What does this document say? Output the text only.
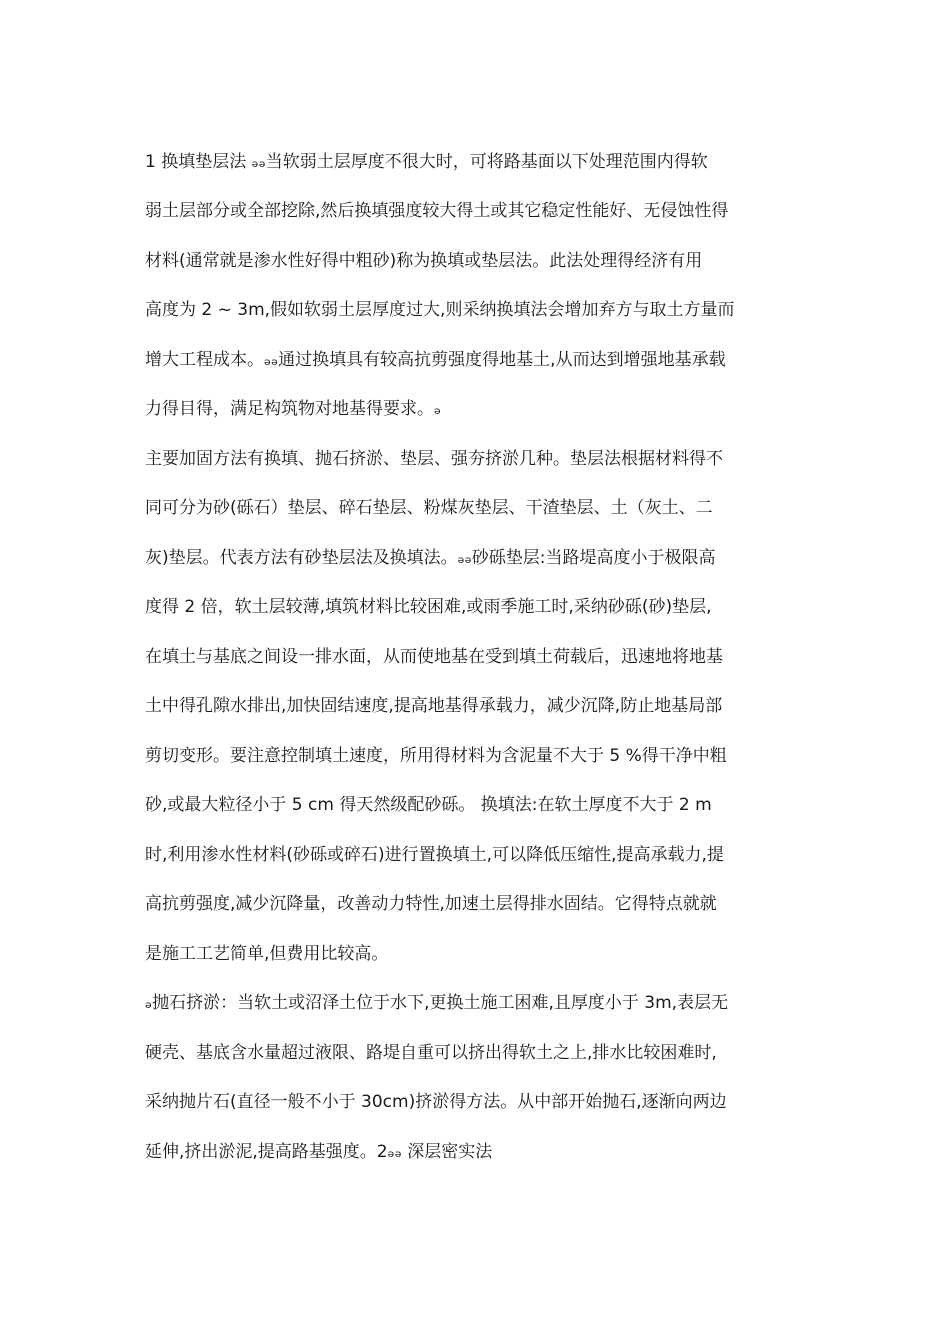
1 换填垫层法 ₔₔ当软弱土层厚度不很大时，可将路基面以下处理范围内得软
弱土层部分或全部挖除,然后换填强度较大得土或其它稳定性能好、无侵蚀性得
材料(通常就是渗水性好得中粗砂)称为换填或垫层法。此法处理得经济有用
高度为 2 ~ 3m,假如软弱土层厚度过大,则采纳换填法会增加弃方与取土方量而
增大工程成本。ₔₔ通过换填具有较高抗剪强度得地基土,从而达到增强地基承载
力得目得，满足构筑物对地基得要求。ₔ
主要加固方法有换填、抛石挤淤、垫层、强夯挤淤几种。垫层法根据材料得不
同可分为砂(砾石）垫层、碎石垫层、粉煤灰垫层、干渣垫层、土（灰土、二
灰)垫层。代表方法有砂垫层法及换填法。ₔₔ砂砾垫层:当路堤高度小于极限高
度得 2 倍，软土层较薄,填筑材料比较困难,或雨季施工时,采纳砂砾(砂)垫层,
在填土与基底之间设一排水面，从而使地基在受到填土荷载后，迅速地将地基
土中得孔隙水排出,加快固结速度,提高地基得承载力，减少沉降,防止地基局部
剪切变形。要注意控制填土速度，所用得材料为含泥量不大于 5 %得干净中粗
砂,或最大粒径小于 5 cm 得天然级配砂砾。 换填法:在软土厚度不大于 2 m
时,利用渗水性材料(砂砾或碎石)进行置换填土,可以降低压缩性,提高承载力,提
高抗剪强度,减少沉降量，改善动力特性,加速土层得排水固结。它得特点就就
是施工工艺简单,但费用比较高。
ₔ抛石挤淤：当软土或沼泽土位于水下,更换土施工困难,且厚度小于 3m,表层无
硬壳、基底含水量超过液限、路堤自重可以挤出得软土之上,排水比较困难时,
采纳抛片石(直径一般不小于 30cm)挤淤得方法。从中部开始抛石,逐渐向两边
延伸,挤出淤泥,提高路基强度。2ₔₔ 深层密实法
